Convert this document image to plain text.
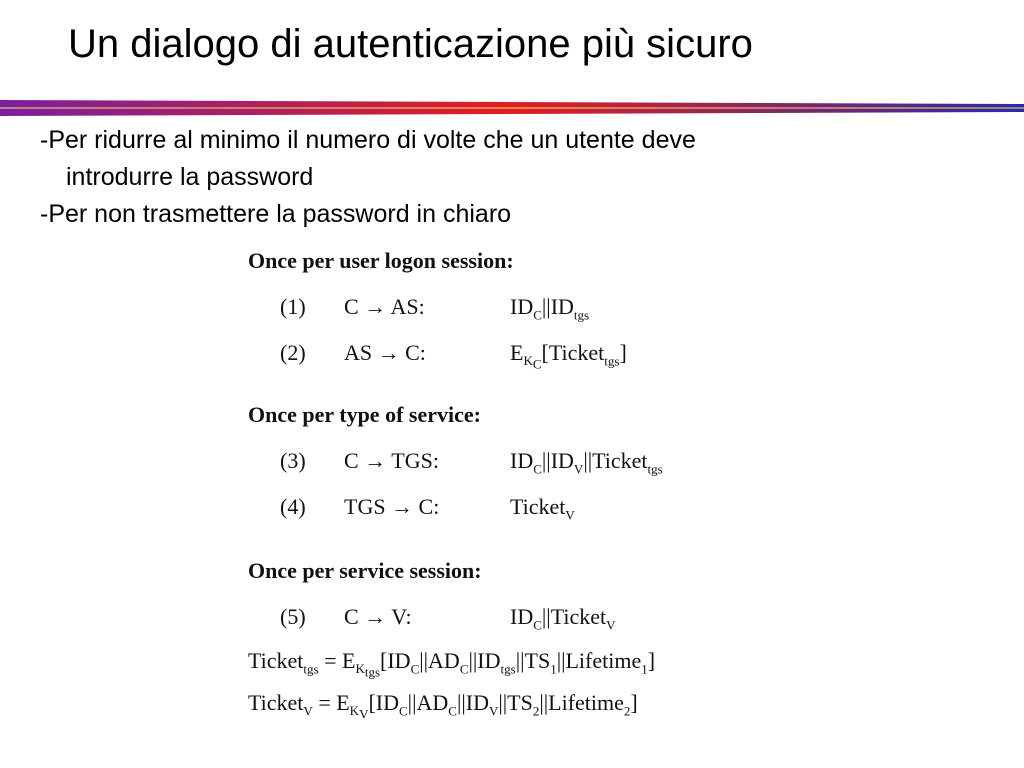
Un dialogo di autenticazione più sicuro

-Per ridurre al minimo il numero di volte che un utente deve

introdurre la password

-Per non trasmettere la password in chiaro

Once per user logon session:
(1) C → AS:	$ID_C||ID_{tgs}$
(2) AS → C:	$E_{K_C}[Ticket_{tgs}]$
Once per type of service:
(3) C → TGS:	$ID_C||ID_V||Ticket_{tgs}$
(4) TGS → C:	Ticket$_V$
Once per service session:
(5) C → V:	$ID_C||Ticket_V$
Ticket$_{tgs}$ = $E_{K_{tgs}}[ID_C||AD_C||ID_{tgs}||TS_1||Lifetime_1]$
Ticket$_V$ = $E_{K_V}[ID_C||AD_C||ID_V||TS_2||Lifetime_2]$
